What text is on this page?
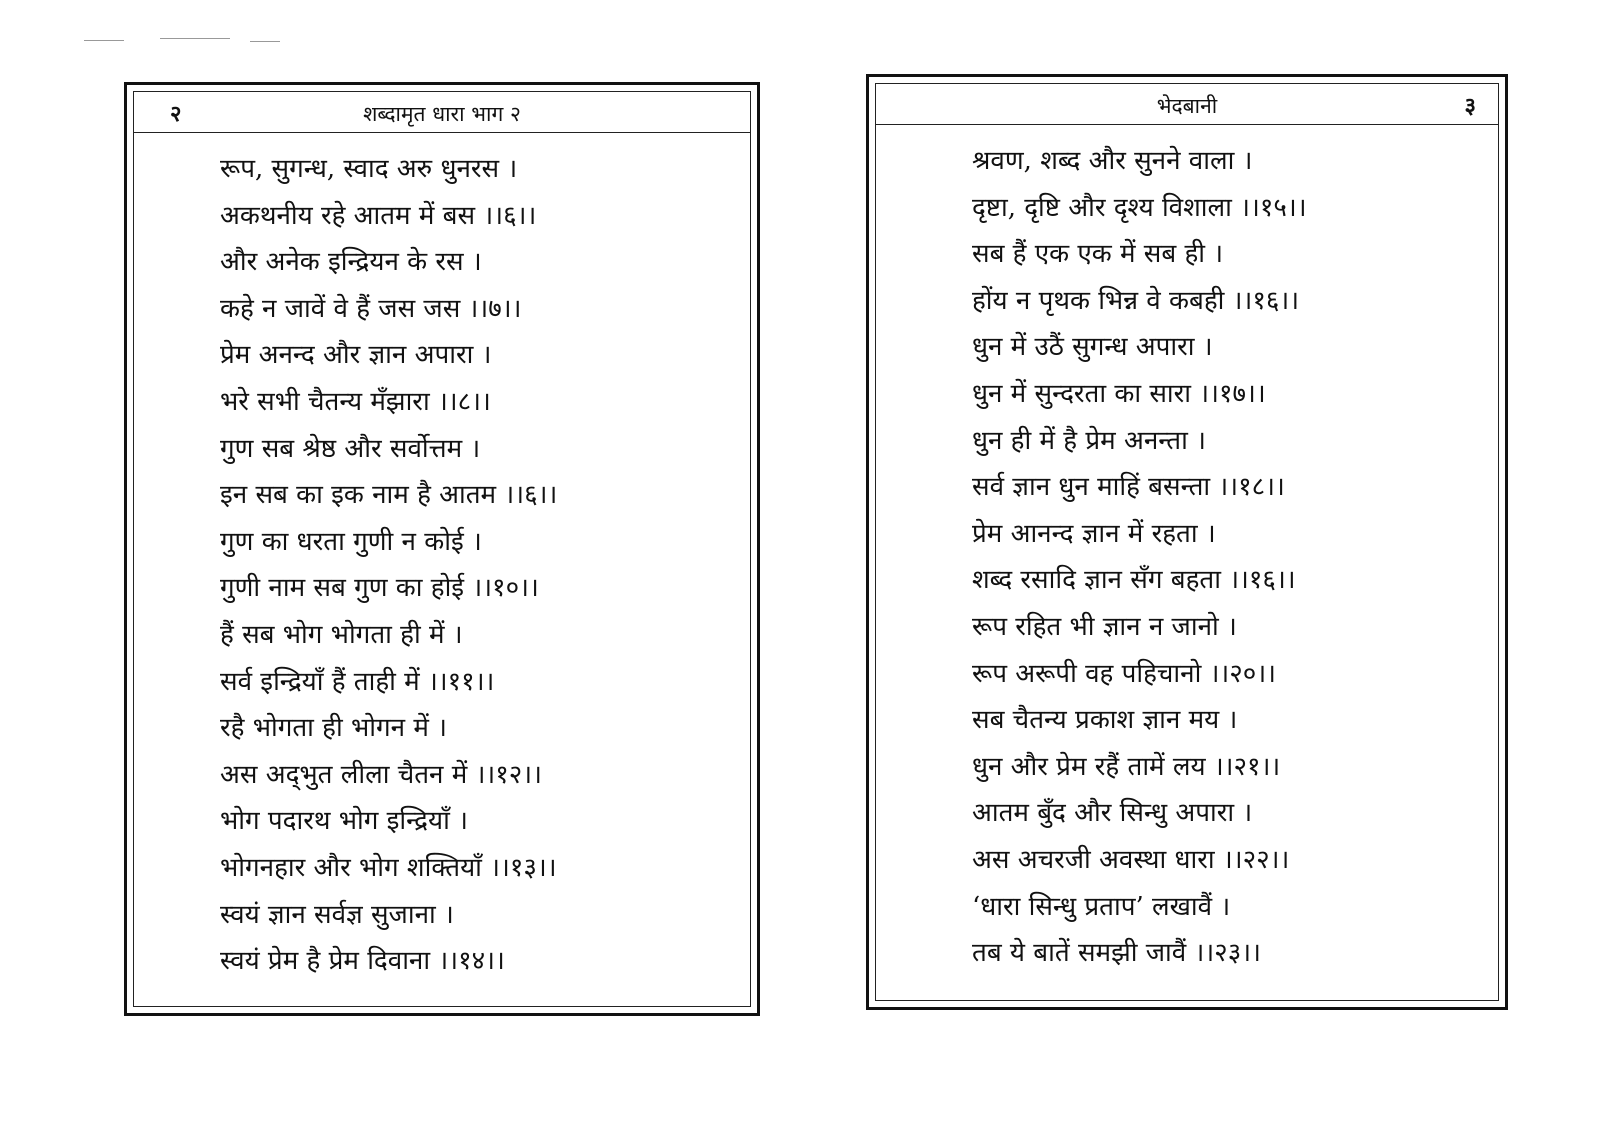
२	शब्दामृत धारा भाग २
रूप, सुगन्ध, स्वाद अरु धुनरस ।
अकथनीय रहे आतम में बस ।।६।।
और अनेक इन्द्रियन के रस ।
कहे न जावें वे हैं जस जस ।।७।।
प्रेम अनन्द और ज्ञान अपारा ।
भरे सभी चैतन्य मँझारा ।।८।।
गुण सब श्रेष्ठ और सर्वोत्तम ।
इन सब का इक नाम है आतम ।।६।।
गुण का धरता गुणी न कोई ।
गुणी नाम सब गुण का होई ।।१०।।
हैं सब भोग भोगता ही में ।
सर्व इन्द्रियाँ हैं ताही में ।।११।।
रहै भोगता ही भोगन में ।
अस अद्‌भुत लीला चैतन में ।।१२।।
भोग पदारथ भोग इन्द्रियाँ ।
भोगनहार और भोग शक्तियाँ ।।१३।।
स्वयं ज्ञान सर्वज्ञ सुजाना ।
स्वयं प्रेम है प्रेम दिवाना ।।१४।।
भेदबानी	३
श्रवण, शब्द और सुनने वाला ।
दृष्टा, दृष्टि और दृश्य विशाला ।।१५।।
सब हैं एक एक में सब ही ।
होंय न पृथक भिन्न वे कबही ।।१६।।
धुन में उठैं सुगन्ध अपारा ।
धुन में सुन्दरता का सारा ।।१७।।
धुन ही में है प्रेम अनन्ता ।
सर्व ज्ञान धुन माहिं बसन्ता ।।१८।।
प्रेम आनन्द ज्ञान में रहता ।
शब्द रसादि ज्ञान सँग बहता ।।१६।।
रूप रहित भी ज्ञान न जानो ।
रूप अरूपी वह पहिचानो ।।२०।।
सब चैतन्य प्रकाश ज्ञान मय ।
धुन और प्रेम रहैं तामें लय ।।२१।।
आतम बुँद और सिन्धु अपारा ।
अस अचरजी अवस्था धारा ।।२२।।
‘धारा सिन्धु प्रताप’ लखावैं ।
तब ये बातें समझी जावैं ।।२३।।
